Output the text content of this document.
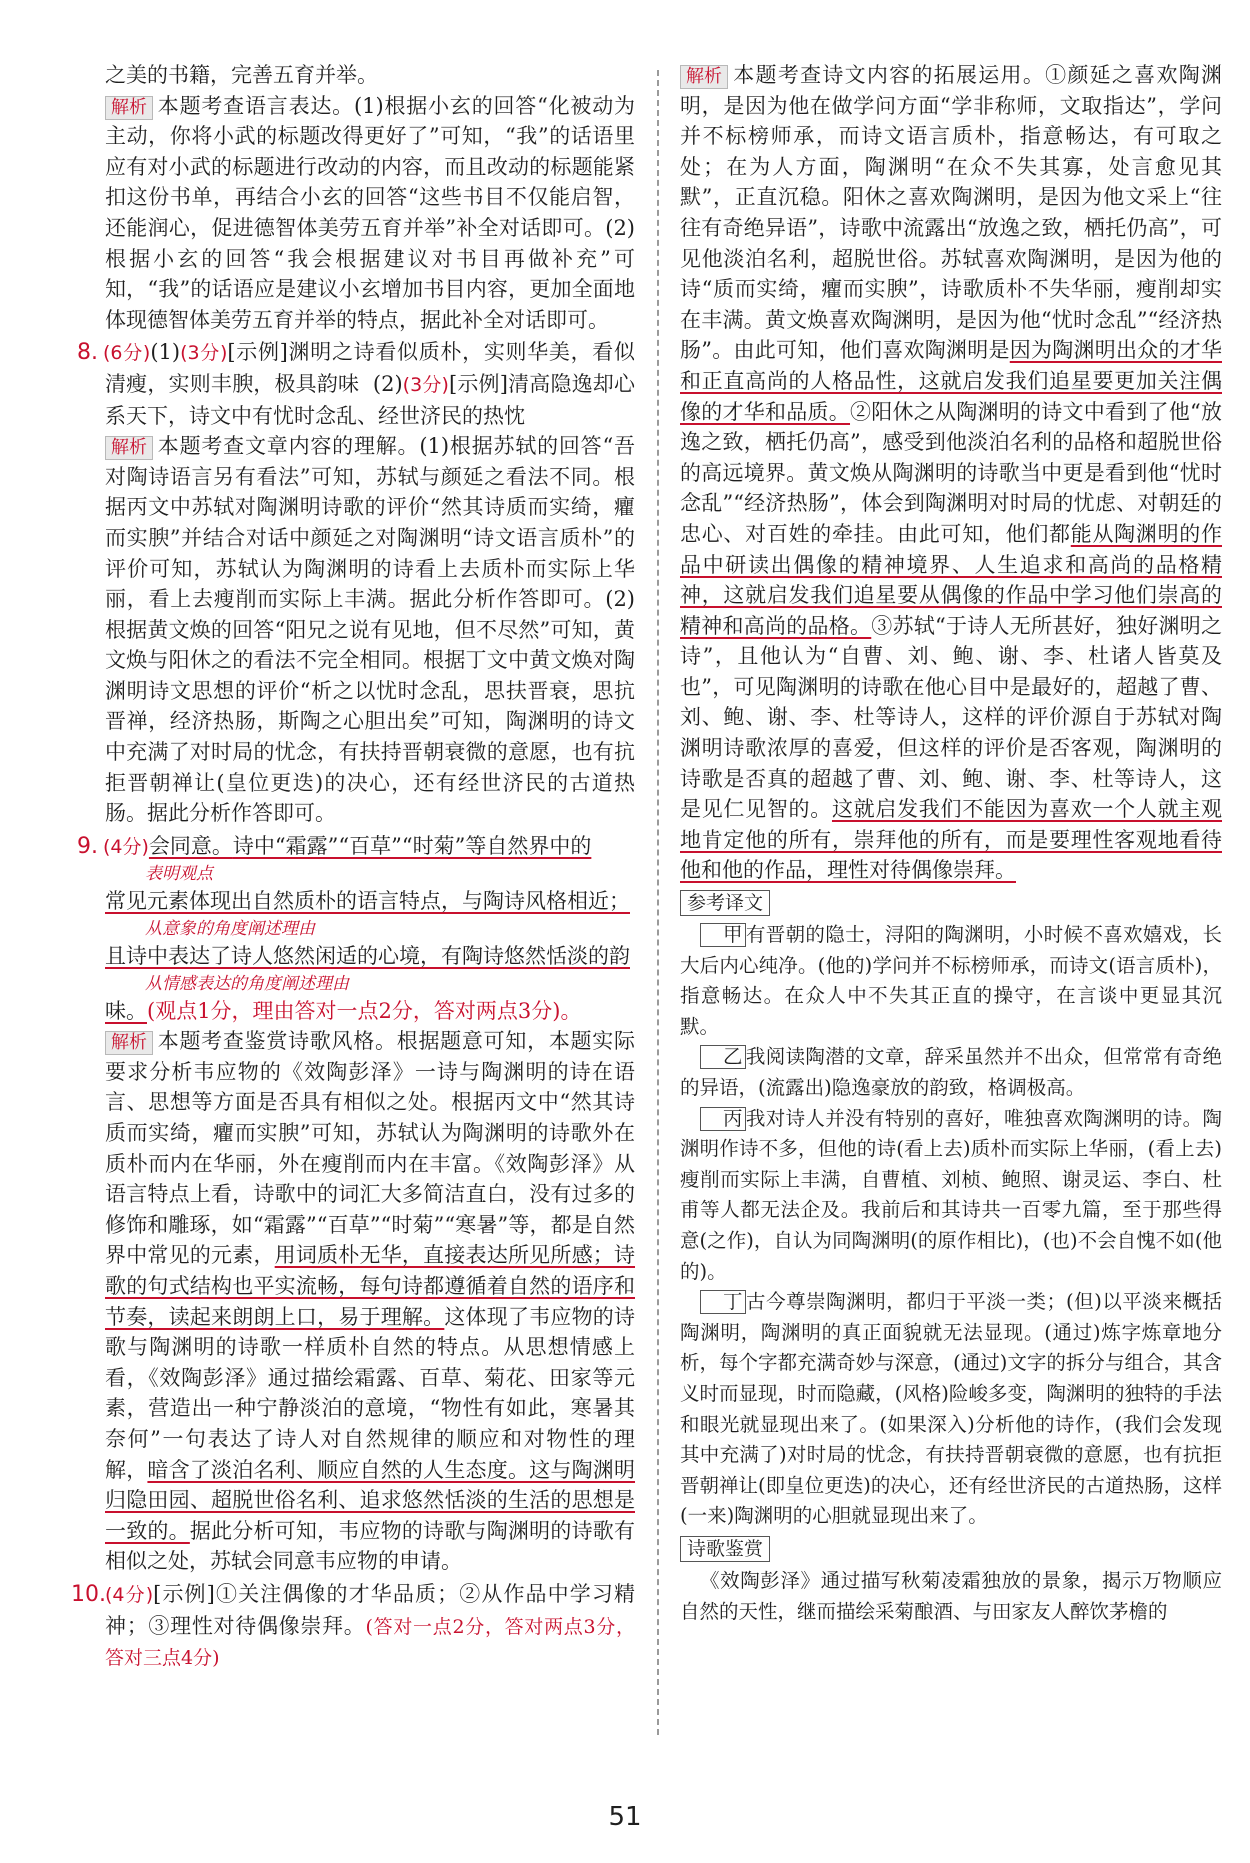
之美的书籍，完善五育并举。

解析 本题考查语言表达。(1)根据小玄的回答“化被动为主动，你将小武的标题改得更好了”可知，“我”的话语里应有对小武的标题进行改动的内容，而且改动的标题能紧扣这份书单，再结合小玄的回答“这些书目不仅能启智，还能润心，促进德智体美劳五育并举”补全对话即可。(2)根据小玄的回答“我会根据建议对书目再做补充”可知，“我”的话语应是建议小玄增加书目内容，更加全面地体现德智体美劳五育并举的特点，据此补全对话即可。

8. (6分)(1)(3分)[示例]渊明之诗看似质朴，实则华美，看似清瘦，实则丰腴，极具韵味 (2)(3分)[示例]清高隐逸却心系天下，诗文中有忧时念乱、经世济民的热忱

解析 本题考查文章内容的理解。(1)根据苏轼的回答“吾对陶诗语言另有看法”可知，苏轼与颜延之看法不同。根据丙文中苏轼对陶渊明诗歌的评价“然其诗质而实绮，癯而实腴”并结合对话中颜延之对陶渊明“诗文语言质朴”的评价可知，苏轼认为陶渊明的诗看上去质朴而实际上华丽，看上去瘦削而实际上丰满。据此分析作答即可。(2)根据黄文焕的回答“阳兄之说有见地，但不尽然”可知，黄文焕与阳休之的看法不完全相同。根据丁文中黄文焕对陶渊明诗文思想的评价“析之以忧时念乱，思扶晋衰，思抗晋禅，经济热肠，斯陶之心胆出矣”可知，陶渊明的诗文中充满了对时局的忧念，有扶持晋朝衰微的意愿，也有抗拒晋朝禅让(皇位更迭)的决心，还有经世济民的古道热肠。据此分析作答即可。

9. (4分)会同意。诗中“霜露”“百草”“时菊”等自然界中的

表明观点

常见元素体现出自然质朴的语言特点，与陶诗风格相近；

从意象的角度阐述理由

且诗中表达了诗人悠然闲适的心境，有陶诗悠然恬淡的韵

从情感表达的角度阐述理由

味。(观点1分，理由答对一点2分，答对两点3分)。

解析 本题考查鉴赏诗歌风格。根据题意可知，本题实际要求分析韦应物的《效陶彭泽》一诗与陶渊明的诗在语言、思想等方面是否具有相似之处。根据丙文中“然其诗质而实绮，癯而实腴”可知，苏轼认为陶渊明的诗歌外在质朴而内在华丽，外在瘦削而内在丰富。《效陶彭泽》从语言特点上看，诗歌中的词汇大多简洁直白，没有过多的修饰和雕琢，如“霜露”“百草”“时菊”“寒暑”等，都是自然界中常见的元素，用词质朴无华，直接表达所见所感；诗歌的句式结构也平实流畅，每句诗都遵循着自然的语序和节奏，读起来朗朗上口，易于理解。这体现了韦应物的诗歌与陶渊明的诗歌一样质朴自然的特点。从思想情感上看，《效陶彭泽》通过描绘霜露、百草、菊花、田家等元素，营造出一种宁静淡泊的意境，“物性有如此，寒暑其奈何”一句表达了诗人对自然规律的顺应和对物性的理解，暗含了淡泊名利、顺应自然的人生态度。这与陶渊明归隐田园、超脱世俗名利、追求悠然恬淡的生活的思想是一致的。据此分析可知，韦应物的诗歌与陶渊明的诗歌有相似之处，苏轼会同意韦应物的申请。

10.(4分)[示例]①关注偶像的才华品质；②从作品中学习精神；③理性对待偶像崇拜。(答对一点2分，答对两点3分，答对三点4分)

解析 本题考查诗文内容的拓展运用。①颜延之喜欢陶渊明，是因为他在做学问方面“学非称师，文取指达”，学问并不标榜师承，而诗文语言质朴，指意畅达，有可取之处；在为人方面，陶渊明“在众不失其寡，处言愈见其默”，正直沉稳。阳休之喜欢陶渊明，是因为他文采上“往往有奇绝异语”，诗歌中流露出“放逸之致，栖托仍高”，可见他淡泊名利，超脱世俗。苏轼喜欢陶渊明，是因为他的诗“质而实绮，癯而实腴”，诗歌质朴不失华丽，瘦削却实在丰满。黄文焕喜欢陶渊明，是因为他“忧时念乱”“经济热肠”。由此可知，他们喜欢陶渊明是因为陶渊明出众的才华和正直高尚的人格品性，这就启发我们追星要更加关注偶像的才华和品质。②阳休之从陶渊明的诗文中看到了他“放逸之致，栖托仍高”，感受到他淡泊名利的品格和超脱世俗的高远境界。黄文焕从陶渊明的诗歌当中更是看到他“忧时念乱”“经济热肠”，体会到陶渊明对时局的忧虑、对朝廷的忠心、对百姓的牵挂。由此可知，他们都能从陶渊明的作品中研读出偶像的精神境界、人生追求和高尚的品格精神，这就启发我们追星要从偶像的作品中学习他们崇高的精神和高尚的品格。③苏轼“于诗人无所甚好，独好渊明之诗”，且他认为“自曹、刘、鲍、谢、李、杜诸人皆莫及也”，可见陶渊明的诗歌在他心目中是最好的，超越了曹、刘、鲍、谢、李、杜等诗人，这样的评价源自于苏轼对陶渊明诗歌浓厚的喜爱，但这样的评价是否客观，陶渊明的诗歌是否真的超越了曹、刘、鲍、谢、李、杜等诗人，这是见仁见智的。这就启发我们不能因为喜欢一个人就主观地肯定他的所有，崇拜他的所有，而是要理性客观地看待他和他的作品，理性对待偶像崇拜。

参考译文

甲 有晋朝的隐士，浔阳的陶渊明，小时候不喜欢嬉戏，长大后内心纯净。(他的)学问并不标榜师承，而诗文(语言质朴)，指意畅达。在众人中不失其正直的操守，在言谈中更显其沉默。

乙 我阅读陶潜的文章，辞采虽然并不出众，但常常有奇绝的异语，(流露出)隐逸豪放的韵致，格调极高。

丙 我对诗人并没有特别的喜好，唯独喜欢陶渊明的诗。陶渊明作诗不多，但他的诗(看上去)质朴而实际上华丽，(看上去)瘦削而实际上丰满，自曹植、刘桢、鲍照、谢灵运、李白、杜甫等人都无法企及。我前后和其诗共一百零九篇，至于那些得意(之作)，自认为同陶渊明(的原作相比)，(也)不会自愧不如(他的)。

丁 古今尊崇陶渊明，都归于平淡一类；(但)以平淡来概括陶渊明，陶渊明的真正面貌就无法显现。(通过)炼字炼章地分析，每个字都充满奇妙与深意，(通过)文字的拆分与组合，其含义时而显现，时而隐藏，(风格)险峻多变，陶渊明的独特的手法和眼光就显现出来了。(如果深入)分析他的诗作，(我们会发现其中充满了)对时局的忧念，有扶持晋朝衰微的意愿，也有抗拒晋朝禅让(即皇位更迭)的决心，还有经世济民的古道热肠，这样(一来)陶渊明的心胆就显现出来了。

诗歌鉴赏

《效陶彭泽》通过描写秋菊凌霜独放的景象，揭示万物顺应自然的天性，继而描绘采菊酿酒、与田家友人醉饮茅檐的

51
